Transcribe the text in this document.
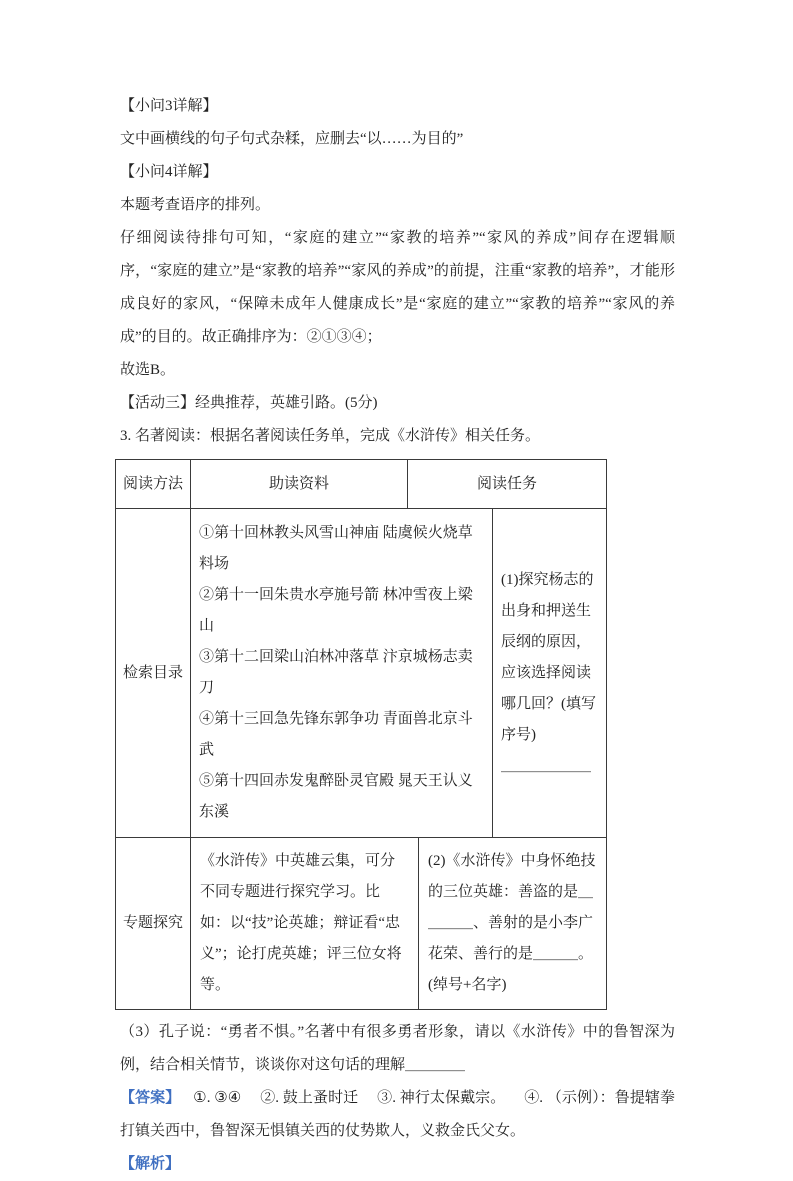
【小问3详解】

文中画横线的句子句式杂糅，应删去“以……为目的”

【小问4详解】

本题考查语序的排列。

仔细阅读待排句可知，“家庭的建立”“家教的培养”“家风的养成”间存在逻辑顺序，“家庭的建立”是“家教的培养”“家风的养成”的前提，注重“家教的培养”，才能形成良好的家风，“保障未成年人健康成长”是“家庭的建立”“家教的培养”“家风的养成”的目的。故正确排序为：②①③④；

故选B。

【活动三】经典推荐，英雄引路。(5分)

3. 名著阅读：根据名著阅读任务单，完成《水浒传》相关任务。

阅读方法	助读资料	阅读任务
检索目录
①第十回林教头风雪山神庙 陆虞候火烧草料场
②第十一回朱贵水亭施号箭 林冲雪夜上梁山
③第十二回梁山泊林冲落草 汴京城杨志卖刀
④第十三回急先锋东郭争功 青面兽北京斗武
⑤第十四回赤发鬼醉卧灵官殿 晁天王认义东溪
(1)探究杨志的出身和押送生辰纲的原因，应该选择阅读哪几回？(填写序号)
＿＿＿＿＿＿
专题探究
《水浒传》中英雄云集，可分不同专题进行探究学习。比如：以“技”论英雄；辩证看“忠义”；论打虎英雄；评三位女将等。
(2)《水浒传》中身怀绝技的三位英雄：善盗的是＿＿＿＿、善射的是小李广花荣、善行的是＿＿＿。(绰号+名字)

（3）孔子说：“勇者不惧。”名著中有很多勇者形象，请以《水浒传》中的鲁智深为例，结合相关情节，谈谈你对这句话的理解＿＿＿＿

【答案】 ①. ③④ ②. 鼓上蚤时迁 ③. 神行太保戴宗。 ④. （示例）：鲁提辖拳打镇关西中，鲁智深无惧镇关西的仗势欺人，义救金氏父女。

【解析】
